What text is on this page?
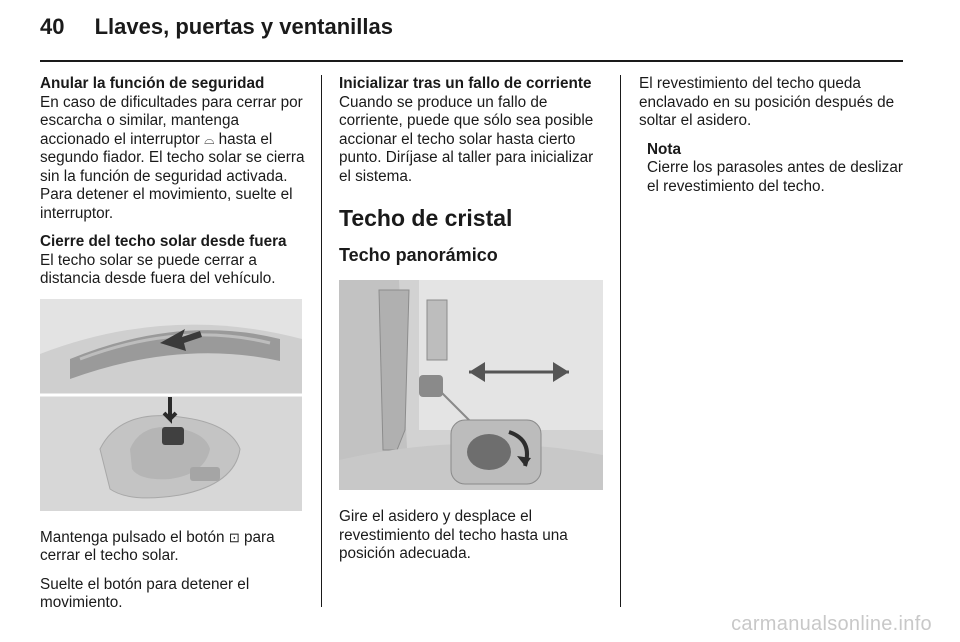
40 Llaves, puertas y ventanillas

Anular la función de seguridad
En caso de dificultades para cerrar por escarcha o similar, mantenga accionado el interruptor ⌓ hasta el segundo fiador. El techo solar se cierra sin la función de seguridad activada. Para detener el movimiento, suelte el interruptor.

Cierre del techo solar desde fuera
El techo solar se puede cerrar a distancia desde fuera del vehículo.

Mantenga pulsado el botón ⊡ para cerrar el techo solar.

Suelte el botón para detener el movimiento.

Inicializar tras un fallo de corriente
Cuando se produce un fallo de corriente, puede que sólo sea posible accionar el techo solar hasta cierto punto. Diríjase al taller para inicializar el sistema.

Techo de cristal
Techo panorámico

Gire el asidero y desplace el revestimiento del techo hasta una posición adecuada.

El revestimiento del techo queda enclavado en su posición después de soltar el asidero.

Nota
Cierre los parasoles antes de deslizar el revestimiento del techo.
carmanualsonline.info
